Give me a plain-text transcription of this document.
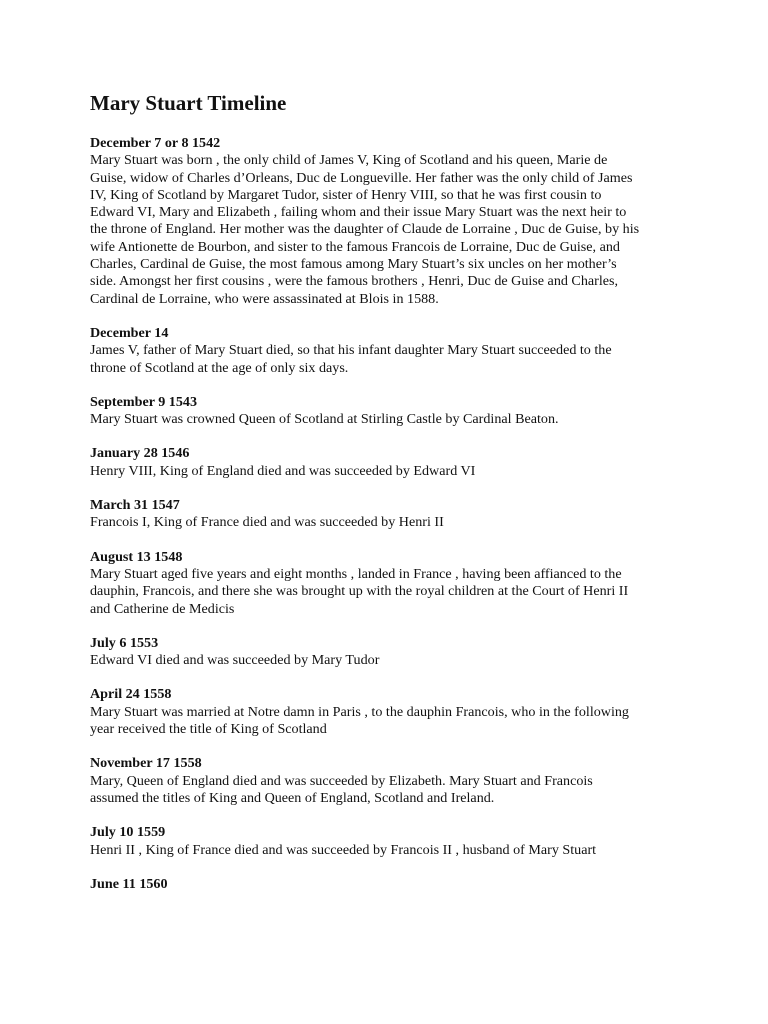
Mary Stuart Timeline
December 7 or 8 1542
Mary Stuart was born , the only child of James V, King of Scotland and his queen, Marie de
Guise, widow of Charles d’Orleans, Duc de Longueville. Her father was the only child of James
IV, King of Scotland by Margaret Tudor, sister of Henry VIII, so that he was first cousin to
Edward VI, Mary and Elizabeth , failing whom and their issue Mary Stuart was the next heir to
the throne of England. Her mother was the daughter of Claude de Lorraine , Duc de Guise, by his
wife Antionette de Bourbon, and sister to the famous Francois de Lorraine, Duc de Guise, and
Charles, Cardinal de Guise, the most famous among Mary Stuart’s six uncles on her mother’s
side. Amongst her first cousins , were the famous brothers , Henri, Duc de Guise and Charles,
Cardinal de Lorraine, who were assassinated at Blois in 1588.
December 14
James V, father of Mary Stuart died, so that his infant daughter Mary Stuart succeeded to the
throne of Scotland at the age of only six days.
September 9 1543
Mary Stuart was crowned Queen of Scotland at Stirling Castle by Cardinal Beaton.
January 28 1546
Henry VIII, King of England died and was succeeded by Edward VI
March 31 1547
Francois I, King of France died and was succeeded by Henri II
August 13 1548
Mary Stuart aged five years and eight months , landed in France , having been affianced to the
dauphin, Francois, and there she was brought up with the royal children at the Court of Henri II
and Catherine de Medicis
July 6 1553
Edward VI died and was succeeded by Mary Tudor
April 24 1558
Mary Stuart was married at Notre damn in Paris , to the dauphin Francois, who in the following
year received the title of King of Scotland
November 17 1558
Mary, Queen of England died and was succeeded by Elizabeth. Mary Stuart and Francois
assumed the titles of King and Queen of England, Scotland and Ireland.
July 10 1559
Henri II , King of France died and was succeeded by Francois II , husband of Mary Stuart
June 11 1560
